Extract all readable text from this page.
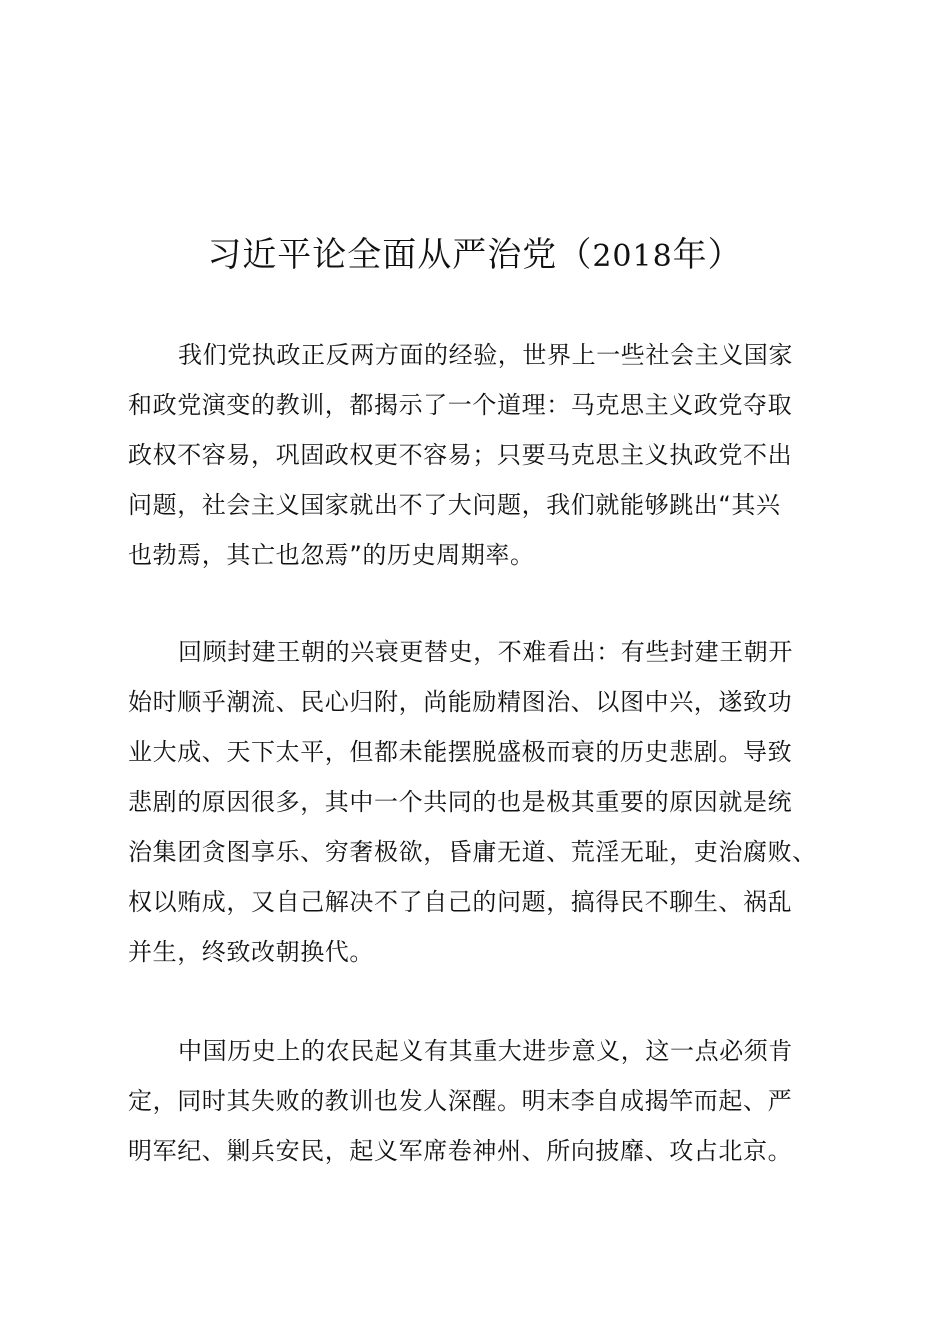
习近平论全面从严治党（2018年）
我们党执政正反两方面的经验，世界上一些社会主义国家
和政党演变的教训，都揭示了一个道理：马克思主义政党夺取
政权不容易，巩固政权更不容易；只要马克思主义执政党不出
问题，社会主义国家就出不了大问题，我们就能够跳出“其兴
也勃焉，其亡也忽焉”的历史周期率。
回顾封建王朝的兴衰更替史，不难看出：有些封建王朝开
始时顺乎潮流、民心归附，尚能励精图治、以图中兴，遂致功
业大成、天下太平，但都未能摆脱盛极而衰的历史悲剧。导致
悲剧的原因很多，其中一个共同的也是极其重要的原因就是统
治集团贪图享乐、穷奢极欲，昏庸无道、荒淫无耻，吏治腐败、
权以贿成，又自己解决不了自己的问题，搞得民不聊生、祸乱
并生，终致改朝换代。
中国历史上的农民起义有其重大进步意义，这一点必须肯
定，同时其失败的教训也发人深醒。明末李自成揭竿而起、严
明军纪、剿兵安民，起义军席卷神州、所向披靡、攻占北京。
